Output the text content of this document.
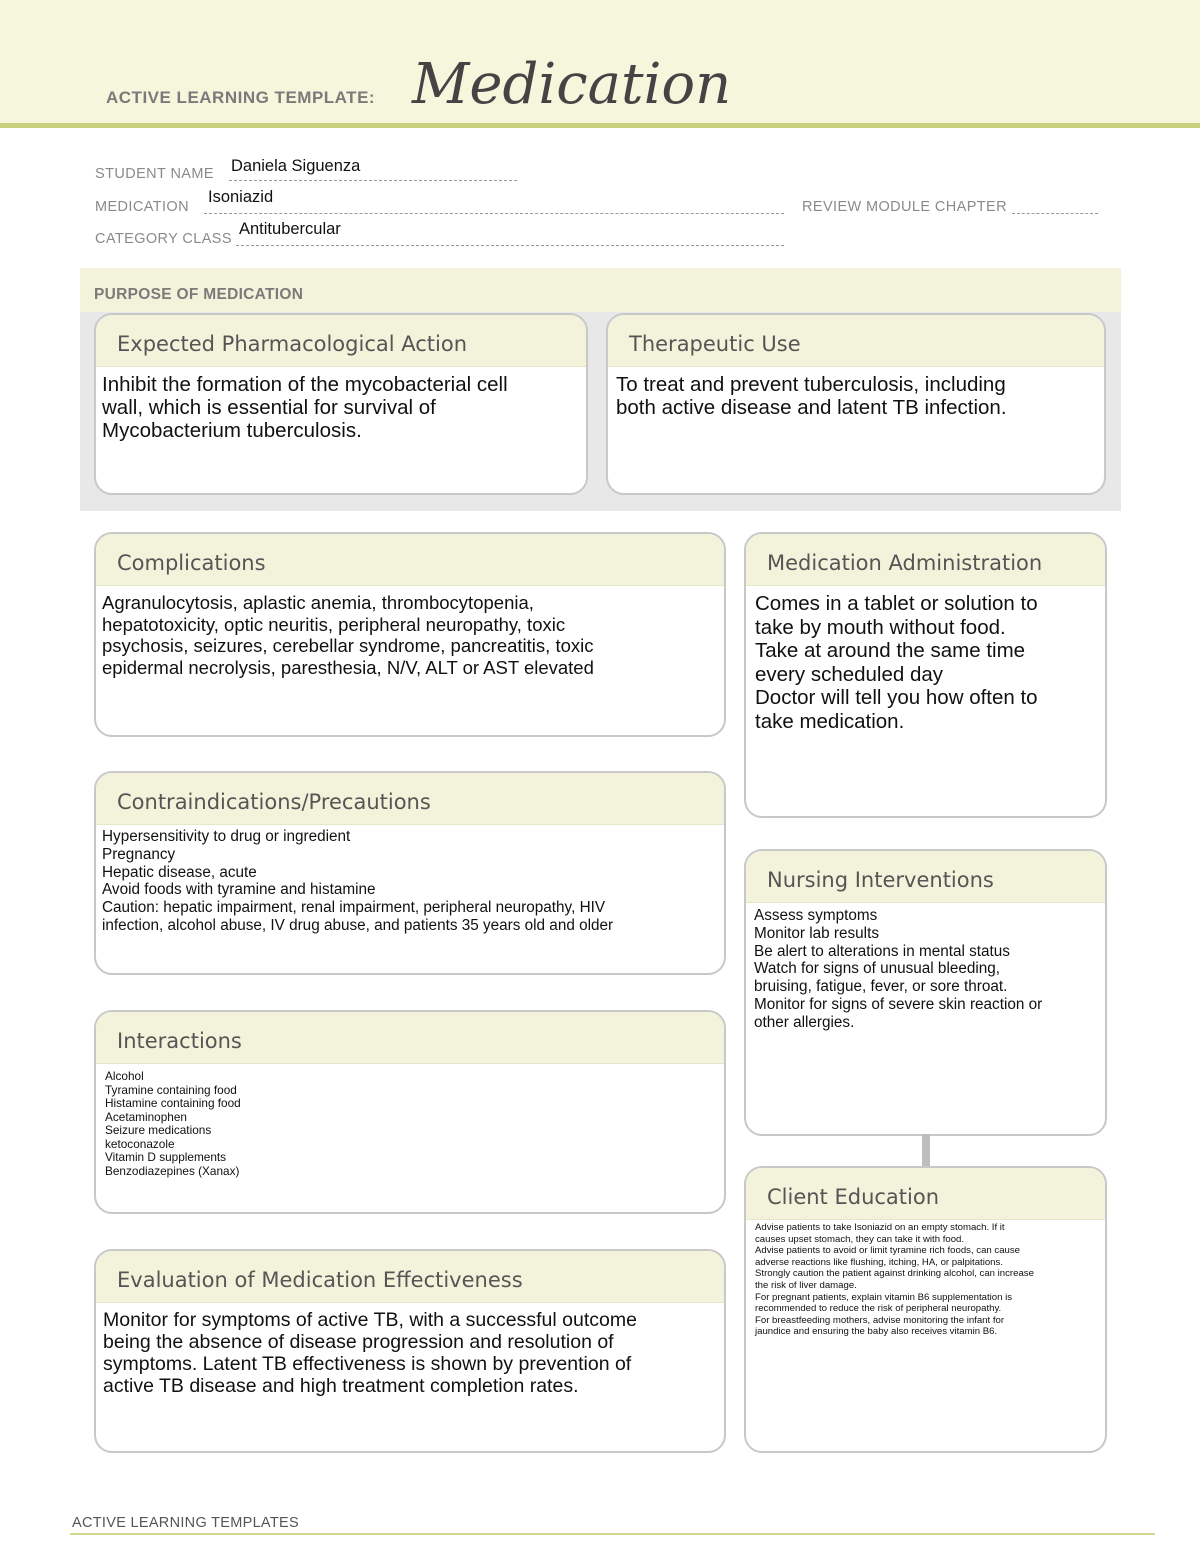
ACTIVE LEARNING TEMPLATE: Medication
STUDENT NAME Daniela Siguenza
MEDICATION
Isoniazid
REVIEW MODULE CHAPTER
CATEGORY CLASS
Antitubercular
PURPOSE OF MEDICATION
Expected Pharmacological Action
Inhibit the formation of the mycobacterial cell
wall, which is essential for survival of
Mycobacterium tuberculosis.
Therapeutic Use
To treat and prevent tuberculosis, including
both active disease and latent TB infection.
Complications
Agranulocytosis, aplastic anemia, thrombocytopenia,
hepatotoxicity, optic neuritis, peripheral neuropathy, toxic
psychosis, seizures, cerebellar syndrome, pancreatitis, toxic
epidermal necrolysis, paresthesia, N/V, ALT or AST elevated
Medication Administration
Comes in a tablet or solution to
take by mouth without food.
Take at around the same time
every scheduled day
Doctor will tell you how often to
take medication.
Contraindications/Precautions
Hypersensitivity to drug or ingredient
Pregnancy
Hepatic disease, acute
Avoid foods with tyramine and histamine
Caution: hepatic impairment, renal impairment, peripheral neuropathy, HIV
infection, alcohol abuse, IV drug abuse, and patients 35 years old and older
Nursing Interventions
Assess symptoms
Monitor lab results
Be alert to alterations in mental status
Watch for signs of unusual bleeding,
bruising, fatigue, fever, or sore throat.
Monitor for signs of severe skin reaction or
other allergies.
Interactions
Alcohol
Tyramine containing food
Histamine containing food
Acetaminophen
Seizure medications
ketoconazole
Vitamin D supplements
Benzodiazepines (Xanax)
Client Education
Advise patients to take Isoniazid on an empty stomach. If it
causes upset stomach, they can take it with food.
Advise patients to avoid or limit tyramine rich foods, can cause
adverse reactions like flushing, itching, HA, or palpitations.
Strongly caution the patient against drinking alcohol, can increase
the risk of liver damage.
For pregnant patients, explain vitamin B6 supplementation is
recommended to reduce the risk of peripheral neuropathy.
For breastfeeding mothers, advise monitoring the infant for
jaundice and ensuring the baby also receives vitamin B6.
Evaluation of Medication Effectiveness
Monitor for symptoms of active TB, with a successful outcome
being the absence of disease progression and resolution of
symptoms. Latent TB effectiveness is shown by prevention of
active TB disease and high treatment completion rates.
ACTIVE LEARNING TEMPLATES
